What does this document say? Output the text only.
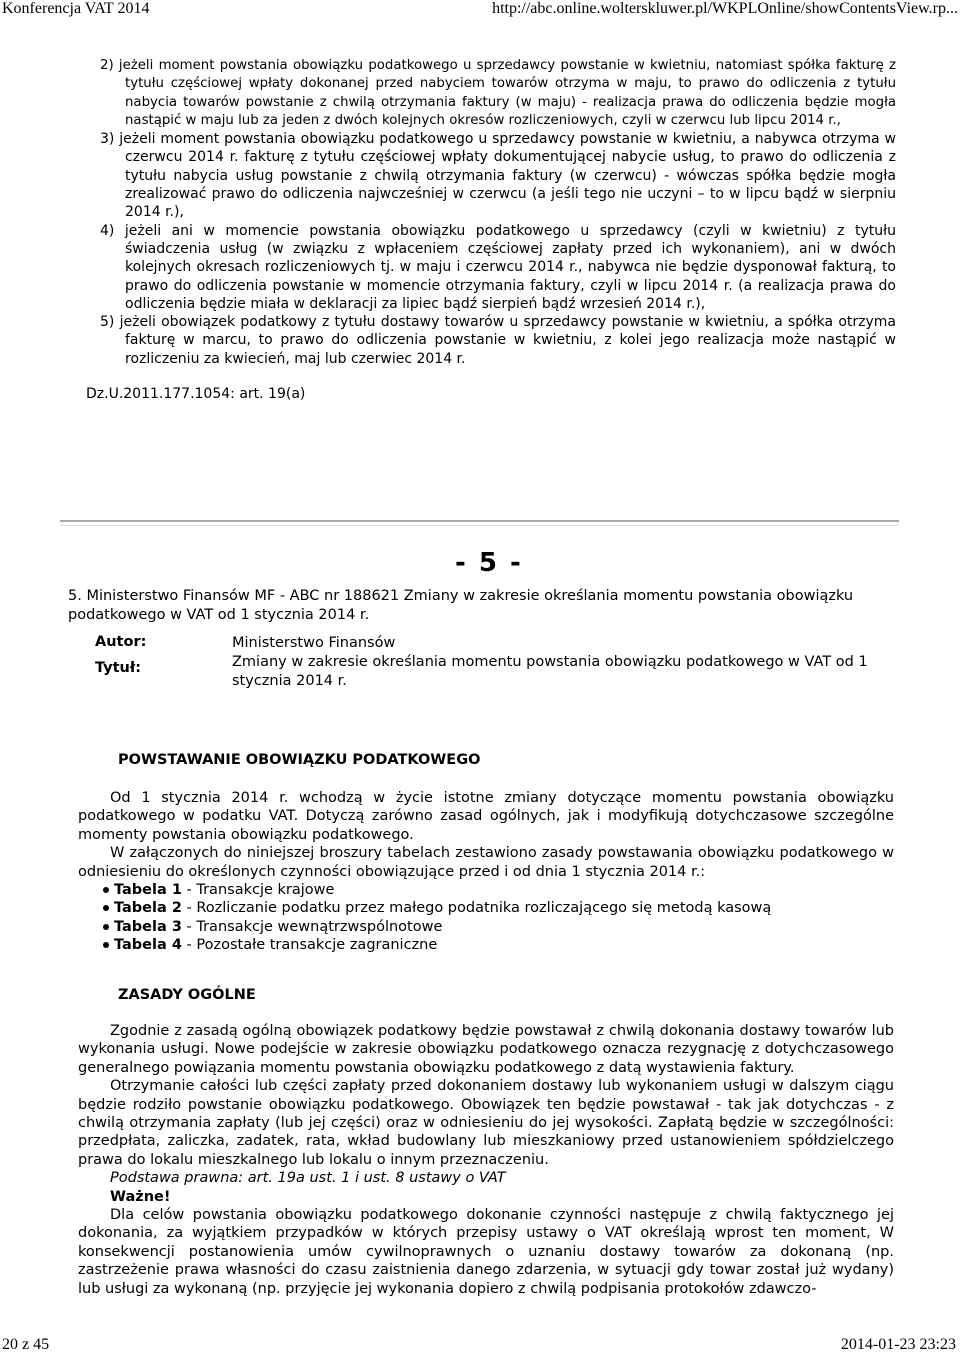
Konferencja VAT 2014	http://abc.online.wolterskluwer.pl/WKPLOnline/showContentsView.rp...

2) jeżeli moment powstania obowiązku podatkowego u sprzedawcy powstanie w kwietniu, natomiast spółka fakturę z tytułu częściowej wpłaty dokonanej przed nabyciem towarów otrzyma w maju, to prawo do odliczenia z tytułu nabycia towarów powstanie z chwilą otrzymania faktury (w maju) - realizacja prawa do odliczenia będzie mogła nastąpić w maju lub za jeden z dwóch kolejnych okresów rozliczeniowych, czyli w czerwcu lub lipcu 2014 r.,

3) jeżeli moment powstania obowiązku podatkowego u sprzedawcy powstanie w kwietniu, a nabywca otrzyma w czerwcu 2014 r. fakturę z tytułu częściowej wpłaty dokumentującej nabycie usług, to prawo do odliczenia z tytułu nabycia usług powstanie z chwilą otrzymania faktury (w czerwcu) - wówczas spółka będzie mogła zrealizować prawo do odliczenia najwcześniej w czerwcu (a jeśli tego nie uczyni – to w lipcu bądź w sierpniu 2014 r.),

4) jeżeli ani w momencie powstania obowiązku podatkowego u sprzedawcy (czyli w kwietniu) z tytułu świadczenia usług (w związku z wpłaceniem częściowej zapłaty przed ich wykonaniem), ani w dwóch kolejnych okresach rozliczeniowych tj. w maju i czerwcu 2014 r., nabywca nie będzie dysponował fakturą, to prawo do odliczenia powstanie w momencie otrzymania faktury, czyli w lipcu 2014 r. (a realizacja prawa do odliczenia będzie miała w deklaracji za lipiec bądź sierpień bądź wrzesień 2014 r.),

5) jeżeli obowiązek podatkowy z tytułu dostawy towarów u sprzedawcy powstanie w kwietniu, a spółka otrzyma fakturę w marcu, to prawo do odliczenia powstanie w kwietniu, z kolei jego realizacja może nastąpić w rozliczeniu za kwiecień, maj lub czerwiec 2014 r.

Dz.U.2011.177.1054: art. 19(a)
- 5 -
5. Ministerstwo Finansów MF - ABC nr 188621 Zmiany w zakresie określania momentu powstania obowiązku podatkowego w VAT od 1 stycznia 2014 r.
Autor:	Ministerstwo Finansów
Tytuł:	Zmiany w zakresie określania momentu powstania obowiązku podatkowego w VAT od 1 stycznia 2014 r.
POWSTAWANIE OBOWIĄZKU PODATKOWEGO

Od 1 stycznia 2014 r. wchodzą w życie istotne zmiany dotyczące momentu powstania obowiązku podatkowego w podatku VAT. Dotyczą zarówno zasad ogólnych, jak i modyfikują dotychczasowe szczególne momenty powstania obowiązku podatkowego.

W załączonych do niniejszej broszury tabelach zestawiono zasady powstawania obowiązku podatkowego w odniesieniu do określonych czynności obowiązujące przed i od dnia 1 stycznia 2014 r.:

Tabela 1 - Transakcje krajowe
Tabela 2 - Rozliczanie podatku przez małego podatnika rozliczającego się metodą kasową
Tabela 3 - Transakcje wewnątrzwspólnotowe
Tabela 4 - Pozostałe transakcje zagraniczne
ZASADY OGÓLNE

Zgodnie z zasadą ogólną obowiązek podatkowy będzie powstawał z chwilą dokonania dostawy towarów lub wykonania usługi. Nowe podejście w zakresie obowiązku podatkowego oznacza rezygnację z dotychczasowego generalnego powiązania momentu powstania obowiązku podatkowego z datą wystawienia faktury.

Otrzymanie całości lub części zapłaty przed dokonaniem dostawy lub wykonaniem usługi w dalszym ciągu będzie rodziło powstanie obowiązku podatkowego. Obowiązek ten będzie powstawał - tak jak dotychczas - z chwilą otrzymania zapłaty (lub jej części) oraz w odniesieniu do jej wysokości. Zapłatą będzie w szczególności: przedpłata, zaliczka, zadatek, rata, wkład budowlany lub mieszkaniowy przed ustanowieniem spółdzielczego prawa do lokalu mieszkalnego lub lokalu o innym przeznaczeniu.

Podstawa prawna: art. 19a ust. 1 i ust. 8 ustawy o VAT

Ważne!

Dla celów powstania obowiązku podatkowego dokonanie czynności następuje z chwilą faktycznego jej dokonania, za wyjątkiem przypadków w których przepisy ustawy o VAT określają wprost ten moment, W konsekwencji postanowienia umów cywilnoprawnych o uznaniu dostawy towarów za dokonaną (np. zastrzeżenie prawa własności do czasu zaistnienia danego zdarzenia, w sytuacji gdy towar został już wydany) lub usługi za wykonaną (np. przyjęcie jej wykonania dopiero z chwilą podpisania protokołów zdawczo-

20 z 45	2014-01-23 23:23
